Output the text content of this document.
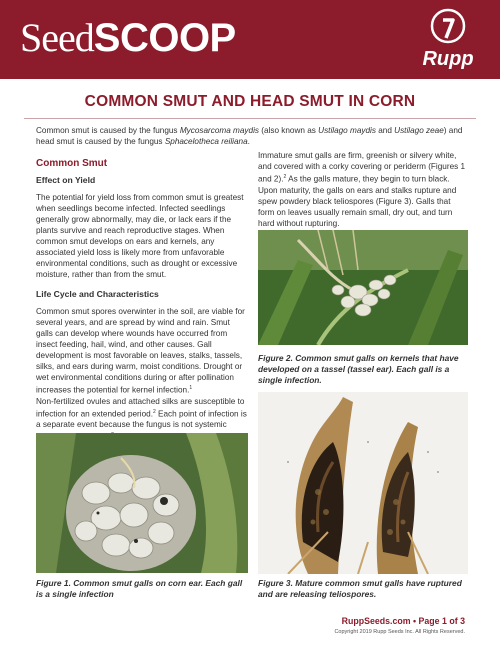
SeedSCOOP	Rupp
COMMON SMUT AND HEAD SMUT IN CORN
Common smut is caused by the fungus Mycosarcoma maydis (also known as Ustilago maydis and Ustilago zeae) and head smut is caused by the fungus Sphacelotheca reiliana.
Common Smut
Effect on Yield

The potential for yield loss from common smut is greatest when seedlings become infected. Infected seedlings generally grow abnormally, may die, or lack ears if the plants survive and reach reproductive stages. When common smut develops on ears and kernels, any associated yield loss is likely more from unfavorable environmental conditions, such as drought or excessive moisture, rather than from the smut.

Life Cycle and Characteristics

Common smut spores overwinter in the soil, are viable for several years, and are spread by wind and rain. Smut galls can develop where wounds have occurred from insect feeding, hail, wind, and other causes. Gall development is most favorable on leaves, stalks, tassels, silks, and ears during warm, moist conditions. Drought or wet environmental conditions during or after pollination increases the potential for kernel infection.$^1$

Non-fertilized ovules and attached silks are susceptible to infection for an extended period.$^2$ Each point of infection is a separate event because the fungus is not systemic

Immature smut galls are firm, greenish or silvery white, and covered with a corky covering or periderm (Figures 1 and 2).$^2$ As the galls mature, they begin to turn black.

Upon maturity, the galls on ears and stalks rupture and spew powdery black teliospores (Figure 3). Galls that form on leaves usually remain small, dry out, and turn hard without rupturing.

Figure 2. Common smut galls on kernels that have developed on a tassel (tassel ear). Each gall is a single infection.
Figure 3. Mature common smut galls have ruptured and are releasing teliospores.
Figure 1. Common smut galls on corn ear. Each gall is a single infection
RuppSeeds.com • Page 1 of 3
Copyright 2019 Rupp Seeds Inc. All Rights Reserved.
